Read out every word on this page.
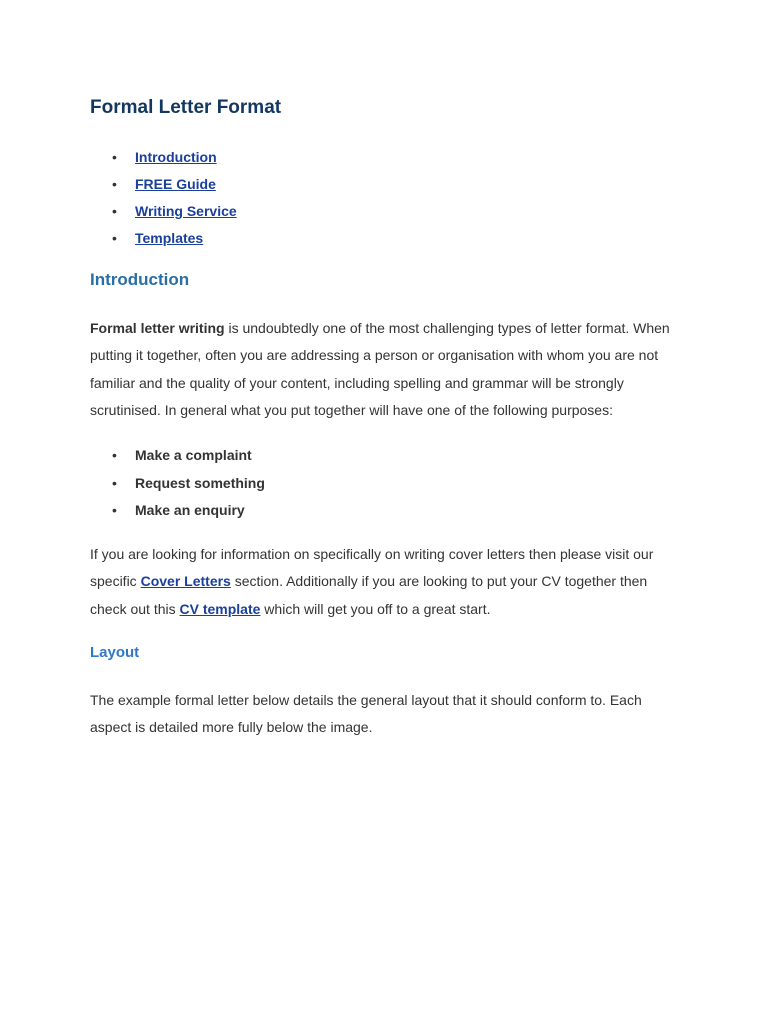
Formal Letter Format
• Introduction
• FREE Guide
• Writing Service
• Templates
Introduction

Formal letter writing is undoubtedly one of the most challenging types of letter format. When putting it together, often you are addressing a person or organisation with whom you are not familiar and the quality of your content, including spelling and grammar will be strongly scrutinised. In general what you put together will have one of the following purposes:

• Make a complaint
• Request something
• Make an enquiry

If you are looking for information on specifically on writing cover letters then please visit our specific Cover Letters section. Additionally if you are looking to put your CV together then check out this CV template which will get you off to a great start.

Layout

The example formal letter below details the general layout that it should conform to. Each aspect is detailed more fully below the image.
